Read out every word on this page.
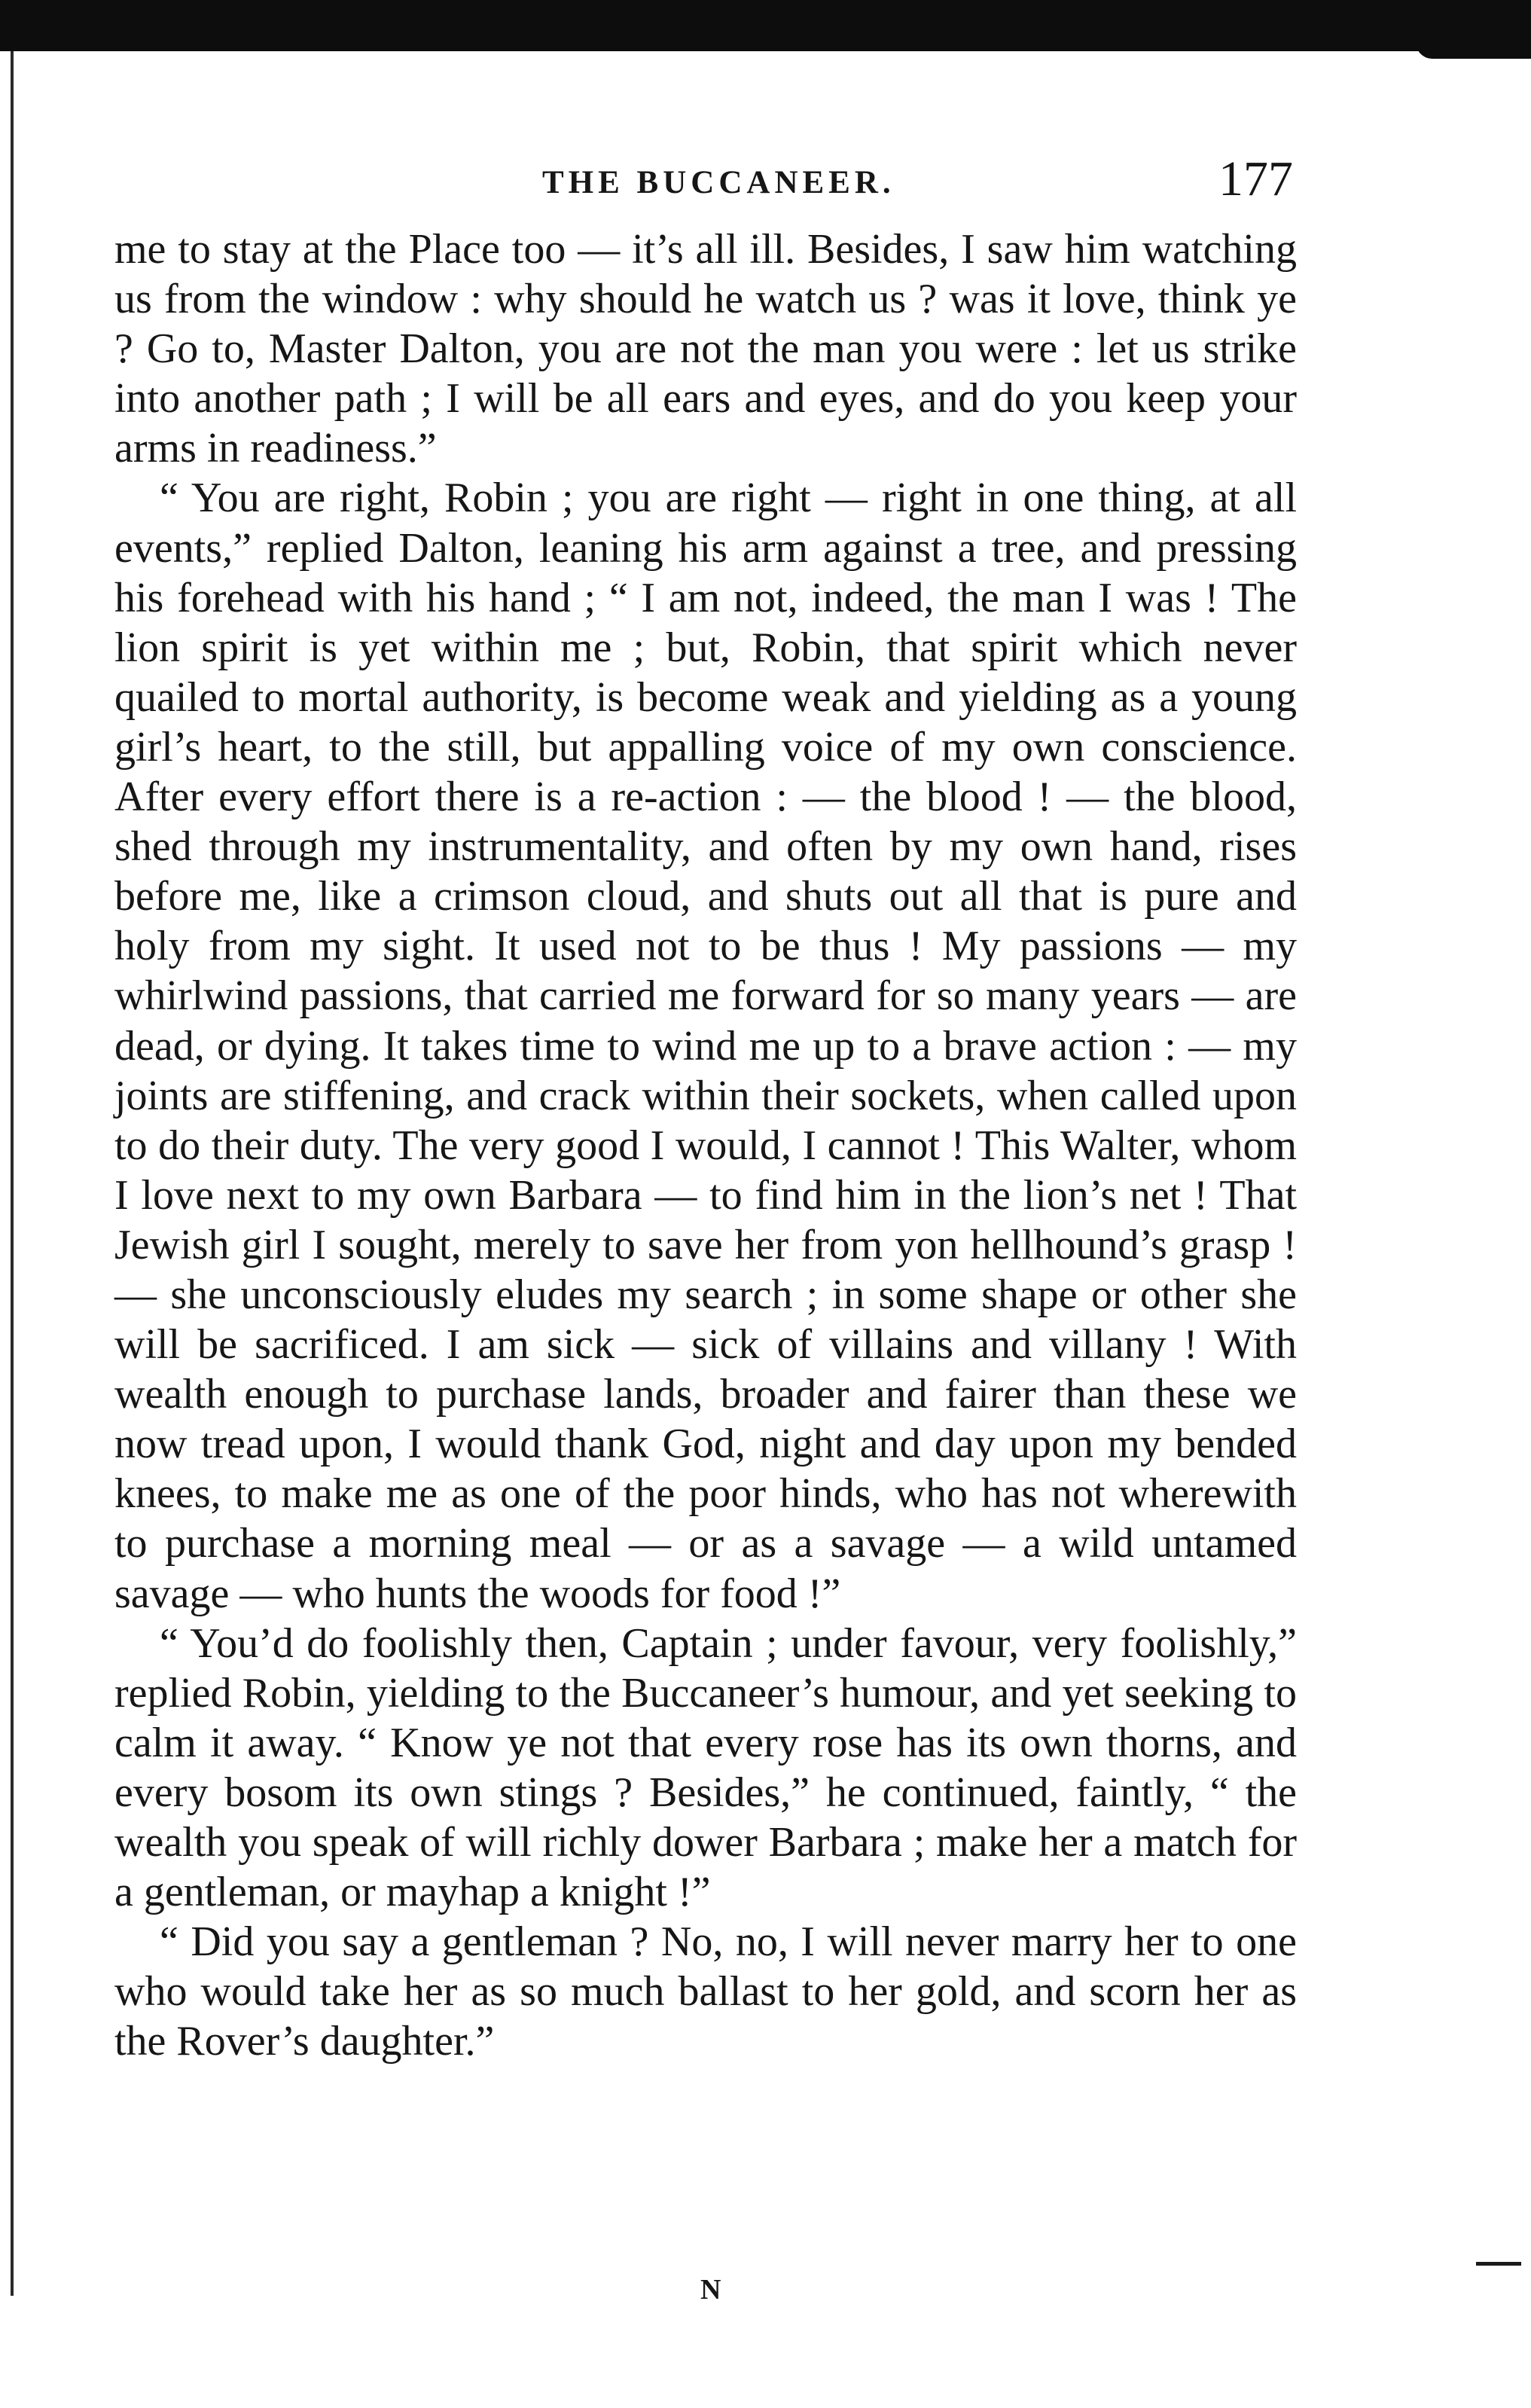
THE BUCCANEER.	177

me to stay at the Place too — it’s all ill. Besides, I saw him watching us from the window : why should he watch us ? was it love, think ye ? Go to, Master Dalton, you are not the man you were : let us strike into another path ; I will be all ears and eyes, and do you keep your arms in readiness.”

“ You are right, Robin ; you are right — right in one thing, at all events,” replied Dalton, leaning his arm against a tree, and pressing his forehead with his hand ; “ I am not, indeed, the man I was ! The lion spirit is yet within me ; but, Robin, that spirit which never quailed to mortal authority, is become weak and yielding as a young girl’s heart, to the still, but appalling voice of my own conscience. After every effort there is a re-action : — the blood ! — the blood, shed through my instrumentality, and often by my own hand, rises before me, like a crimson cloud, and shuts out all that is pure and holy from my sight. It used not to be thus ! My passions — my whirlwind passions, that carried me forward for so many years — are dead, or dying. It takes time to wind me up to a brave action : — my joints are stiffening, and crack within their sockets, when called upon to do their duty. The very good I would, I cannot ! This Walter, whom I love next to my own Barbara — to find him in the lion’s net ! That Jewish girl I sought, merely to save her from yon hellhound’s grasp ! — she unconsciously eludes my search ; in some shape or other she will be sacrificed. I am sick — sick of villains and villany ! With wealth enough to purchase lands, broader and fairer than these we now tread upon, I would thank God, night and day upon my bended knees, to make me as one of the poor hinds, who has not wherewith to purchase a morning meal — or as a savage — a wild untamed savage — who hunts the woods for food !”

“ You’d do foolishly then, Captain ; under favour, very foolishly,” replied Robin, yielding to the Buccaneer’s humour, and yet seeking to calm it away. “ Know ye not that every rose has its own thorns, and every bosom its own stings ? Besides,” he continued, faintly, “ the wealth you speak of will richly dower Barbara ; make her a match for a gentleman, or mayhap a knight !”

“ Did you say a gentleman ? No, no, I will never marry her to one who would take her as so much ballast to her gold, and scorn her as the Rover’s daughter.”

N
